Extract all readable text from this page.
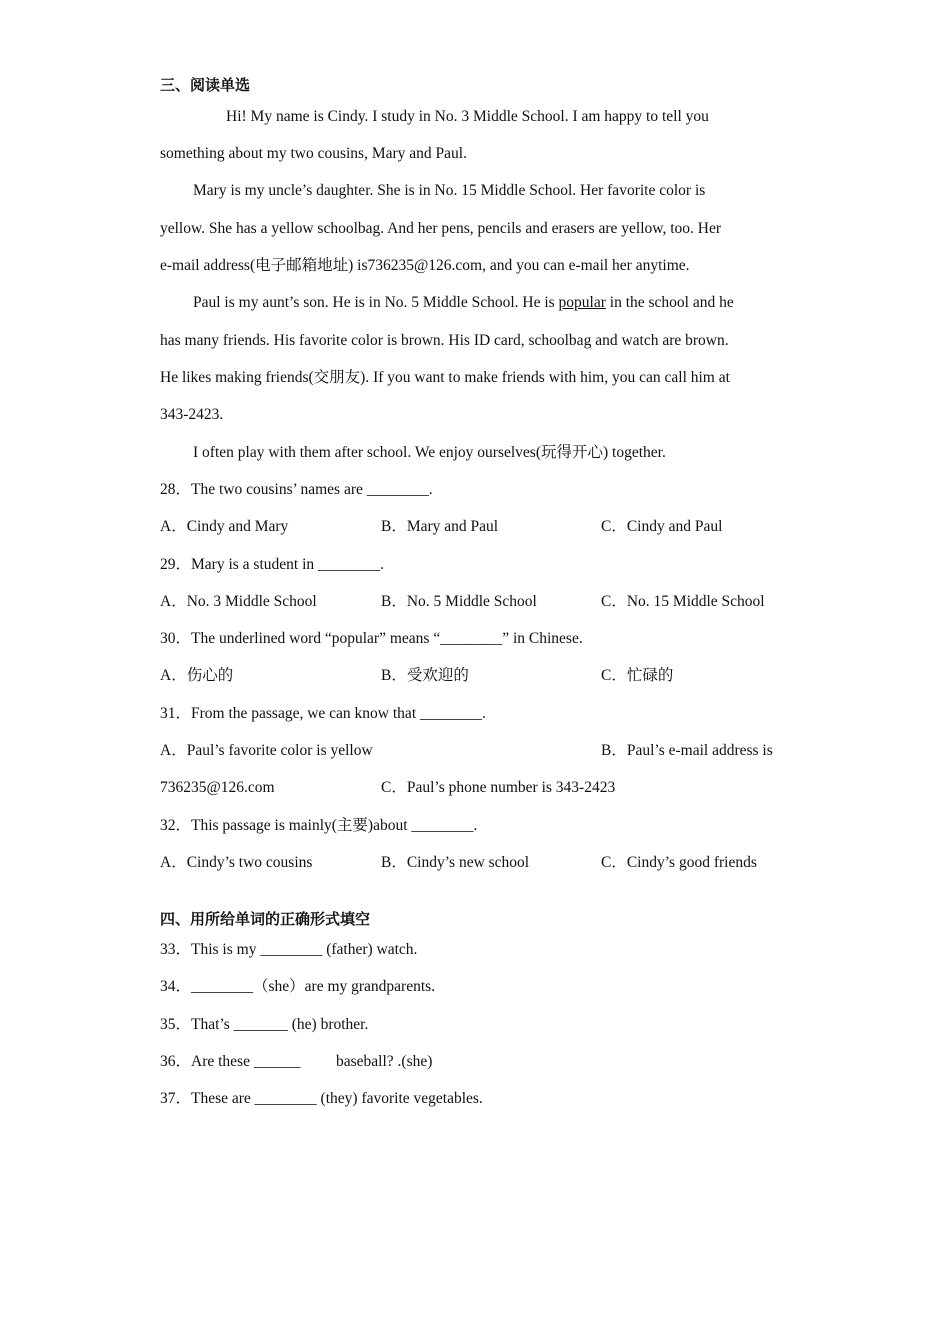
三、阅读单选
Hi! My name is Cindy. I study in No. 3 Middle School. I am happy to tell you
something about my two cousins, Mary and Paul.
Mary is my uncle’s daughter. She is in No. 15 Middle School. Her favorite color is
yellow. She has a yellow schoolbag. And her pens, pencils and erasers are yellow, too. Her
e-mail address(电子邮箱地址) is736235@126.com, and you can e-mail her anytime.
Paul is my aunt’s son. He is in No. 5 Middle School. He is popular in the school and he
has many friends. His favorite color is brown. His ID card, schoolbag and watch are brown.
He likes making friends(交朋友). If you want to make friends with him, you can call him at
343-2423.
I often play with them after school. We enjoy ourselves(玩得开心) together.
28．The two cousins’ names are ________.
A．Cindy and Mary	B．Mary and Paul	C．Cindy and Paul
29．Mary is a student in ________.
A．No. 3 Middle School	B．No. 5 Middle School	C．No. 15 Middle School
30．The underlined word “popular” means “________” in Chinese.
A．伤心的	B．受欢迎的	C．忙碌的
31．From the passage, we can know that ________.
A．Paul’s favorite color is yellow	B．Paul’s e-mail address is
736235@126.com	C．Paul’s phone number is 343-2423
32．This passage is mainly(主要)about ________.
A．Cindy’s two cousins	B．Cindy’s new school	C．Cindy’s good friends
四、用所给单词的正确形式填空
33．This is my ________ (father) watch.
34．________（she）are my grandparents.
35．That’s _______ (he) brother.
36．Are these ______ baseball? .(she)
37．These are ________ (they) favorite vegetables.
